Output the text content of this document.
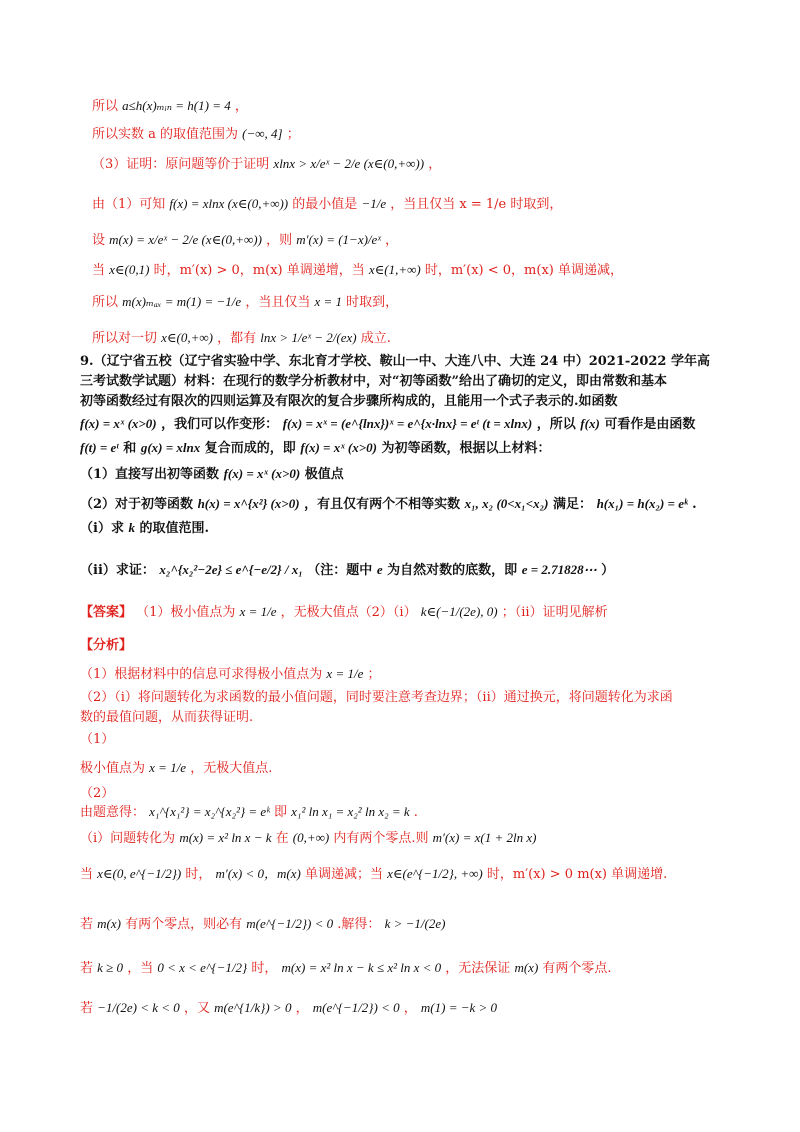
所以 a≤h(x)ₘᵢₙ = h(1) = 4 ，
所以实数 a 的取值范围为 (−∞, 4] ；
（3）证明：原问题等价于证明 xlnx > x/eˣ − 2/e (x∈(0,+∞)) ，
由（1）可知 f(x) = xlnx (x∈(0,+∞)) 的最小值是 −1/e ，当且仅当 x = 1/e 时取到，
设 m(x) = x/eˣ − 2/e (x∈(0,+∞)) ，则 m′(x) = (1−x)/eˣ ，
当 x∈(0,1) 时，m′(x) > 0，m(x) 单调递增，当 x∈(1,+∞) 时，m′(x) < 0，m(x) 单调递减，
所以 m(x)ₘₐₓ = m(1) = −1/e ，当且仅当 x = 1 时取到，
所以对一切 x∈(0,+∞) ，都有 lnx > 1/eˣ − 2/(ex) 成立.
9.（辽宁省五校（辽宁省实验中学、东北育才学校、鞍山一中、大连八中、大连 24 中）2021-2022 学年高
三考试数学试题）材料：在现行的数学分析教材中，对“初等函数”给出了确切的定义，即由常数和基本
初等函数经过有限次的四则运算及有限次的复合步骤所构成的，且能用一个式子表示的.如函数
f(x) = xˣ (x>0) ，我们可以作变形： f(x) = xˣ = (e^{lnx})ˣ = e^{x·lnx} = eᵗ (t = xlnx) ，所以 f(x) 可看作是由函数
f(t) = eᵗ 和 g(x) = xlnx 复合而成的，即 f(x) = xˣ (x>0) 为初等函数，根据以上材料：
（1）直接写出初等函数 f(x) = xˣ (x>0) 极值点
（2）对于初等函数 h(x) = x^{x²} (x>0) ，有且仅有两个不相等实数 x₁, x₂ (0<x₁<x₂) 满足： h(x₁) = h(x₂) = eᵏ .
（i）求 k 的取值范围.
（ii）求证： x₂^{x₂²−2e} ≤ e^{−e/2} / x₁ （注：题中 e 为自然对数的底数，即 e = 2.71828⋯ ）
【答案】 （1）极小值点为 x = 1/e ，无极大值点（2）（i） k∈(−1/(2e), 0) ；（ii）证明见解析
【分析】
（1）根据材料中的信息可求得极小值点为 x = 1/e ；
（2）（i）将问题转化为求函数的最小值问题，同时要注意考查边界；（ii）通过换元，将问题转化为求函
数的最值问题，从而获得证明.
（1）
极小值点为 x = 1/e ，无极大值点.
（2）
由题意得： x₁^{x₁²} = x₂^{x₂²} = eᵏ 即 x₁² ln x₁ = x₂² ln x₂ = k .
（i）问题转化为 m(x) = x² ln x − k 在 (0,+∞) 内有两个零点.则 m′(x) = x(1 + 2ln x)
当 x∈(0, e^{−1/2}) 时， m′(x) < 0，m(x) 单调递减；当 x∈(e^{−1/2}, +∞) 时，m′(x) > 0 m(x) 单调递增.
若 m(x) 有两个零点，则必有 m(e^{−1/2}) < 0 .解得： k > −1/(2e)
若 k ≥ 0 ，当 0 < x < e^{−1/2} 时， m(x) = x² ln x − k ≤ x² ln x < 0 ，无法保证 m(x) 有两个零点.
若 −1/(2e) < k < 0 ，又 m(e^{1/k}) > 0 ， m(e^{−1/2}) < 0 ， m(1) = −k > 0
